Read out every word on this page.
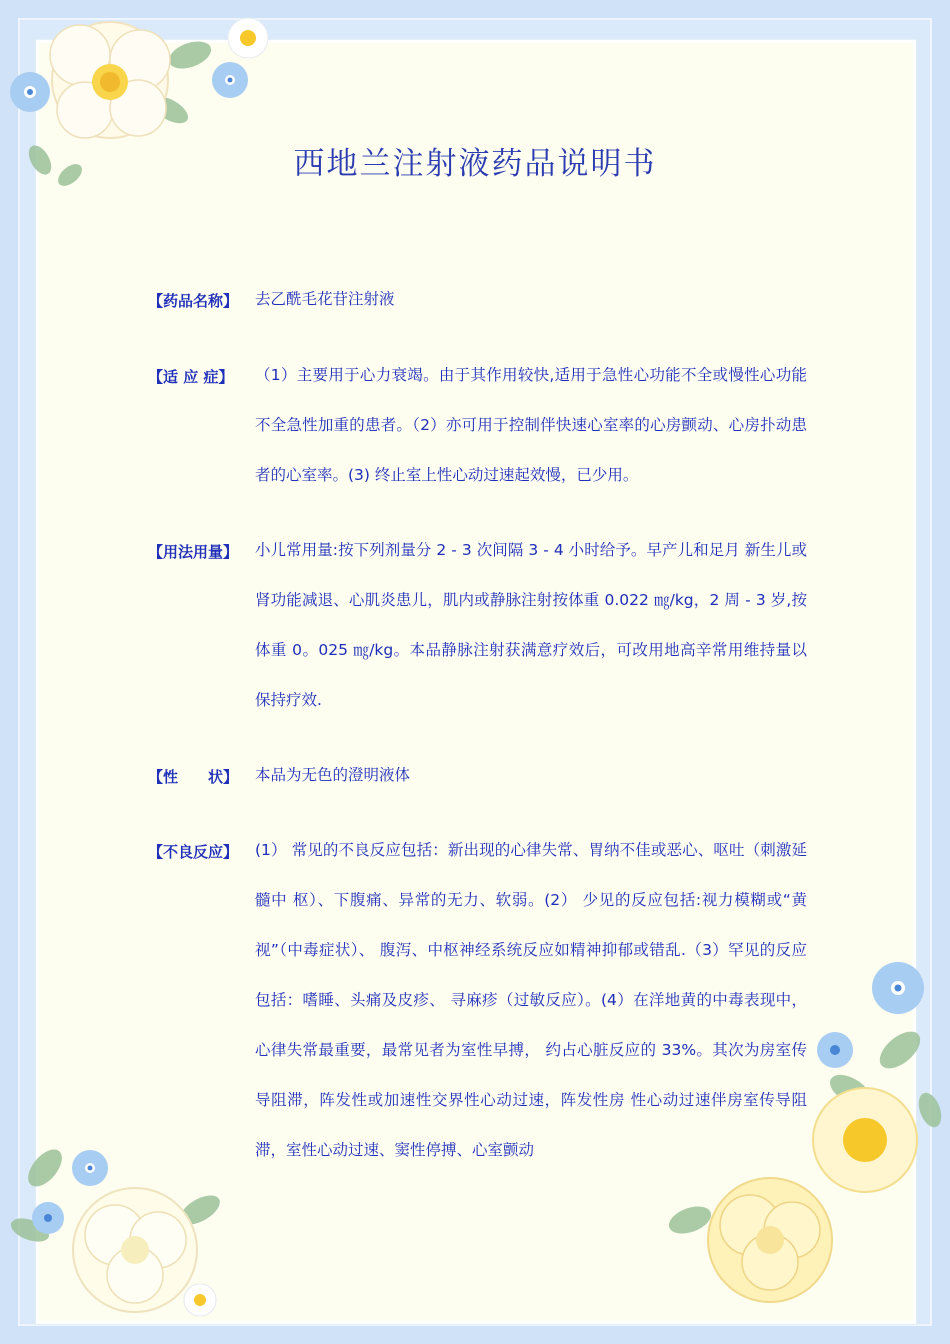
西地兰注射液药品说明书
【药品名称】	去乙酰毛花苷注射液

【适 应 症】	（1）主要用于心力衰竭。由于其作用较快,适用于急性心功能不全或慢性心功能不全急性加重的患者。（2）亦可用于控制伴快速心室率的心房颤动、心房扑动患者的心室率。(3) 终止室上性心动过速起效慢，已少用。

【用法用量】	小儿常用量:按下列剂量分 2 - 3 次间隔 3 - 4 小时给予。早产儿和足月 新生儿或肾功能减退、心肌炎患儿，肌内或静脉注射按体重 0.022 ㎎/kg，2 周 - 3 岁,按 体重 0。025 ㎎/kg。本品静脉注射获满意疗效后，可改用地高辛常用维持量以保持疗效.

【性　　状】	本品为无色的澄明液体

【不良反应】	(1） 常见的不良反应包括：新出现的心律失常、胃纳不佳或恶心、呕吐（刺激延髓中 枢）、下腹痛、异常的无力、软弱。(2） 少见的反应包括:视力模糊或“黄视”（中毒症状）、 腹泻、中枢神经系统反应如精神抑郁或错乱.（3）罕见的反应包括：嗜睡、头痛及皮疹、 寻麻疹（过敏反应）。(4）在洋地黄的中毒表现中，心律失常最重要，最常见者为室性早搏， 约占心脏反应的 33%。其次为房室传导阻滞，阵发性或加速性交界性心动过速，阵发性房 性心动过速伴房室传导阻滞，室性心动过速、窦性停搏、心室颤动
